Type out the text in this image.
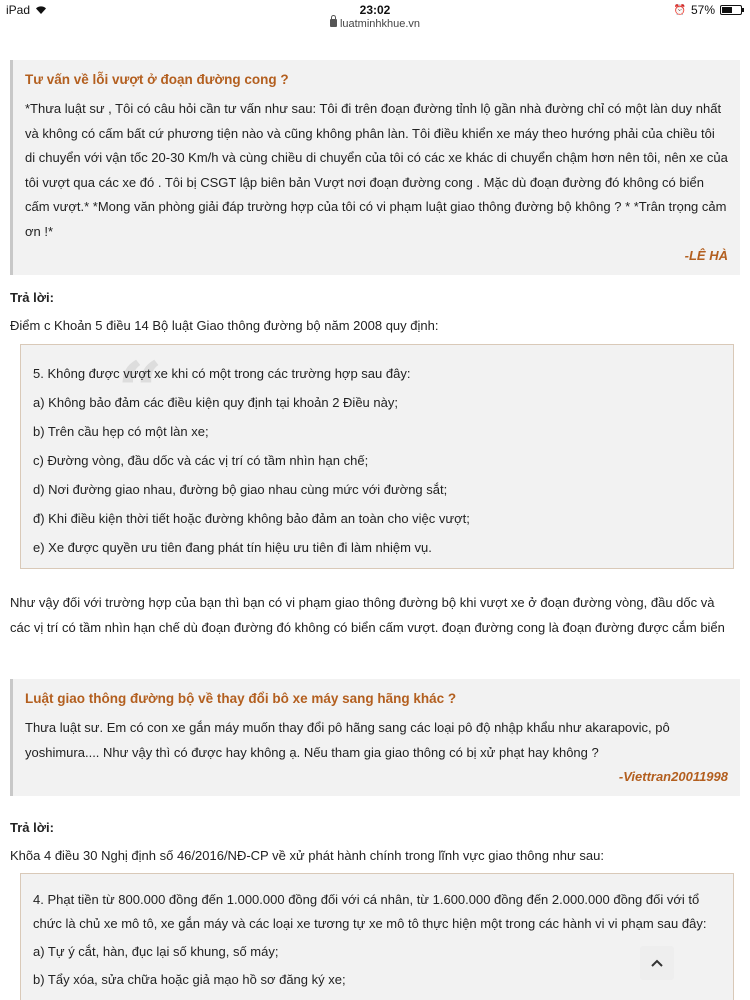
iPad	23:02	⏰ 57%
luatminhkhue.vn
Tư vấn về lỗi vượt ở đoạn đường cong ?
*Thưa luật sư , Tôi có câu hỏi cần tư vấn như sau: Tôi đi trên đoạn đường tỉnh lộ gần nhà đường chỉ có một làn duy nhất và không có cấm bất cứ phương tiện nào và cũng không phân làn. Tôi điều khiển xe máy theo hướng phải của chiều tôi di chuyển với vận tốc 20-30 Km/h và cùng chiều di chuyển của tôi có các xe khác di chuyển chậm hơn nên tôi, nên xe của tôi vượt qua các xe đó . Tôi bị CSGT lập biên bản Vượt nơi đoạn đường cong . Mặc dù đoạn đường đó không có biển cấm vượt.* *Mong văn phòng giải đáp trường hợp của tôi có vi phạm luật giao thông đường bộ không ? * *Trân trọng cảm ơn !*
-LÊ HÀ
Trả lời:
Điểm c Khoản 5 điều 14 Bộ luật Giao thông đường bộ năm 2008 quy định:
“
5. Không được vượt xe khi có một trong các trường hợp sau đây:
a) Không bảo đảm các điều kiện quy định tại khoản 2 Điều này;
b) Trên cầu hẹp có một làn xe;
c) Đường vòng, đầu dốc và các vị trí có tầm nhìn hạn chế;
d) Nơi đường giao nhau, đường bộ giao nhau cùng mức với đường sắt;
đ) Khi điều kiện thời tiết hoặc đường không bảo đảm an toàn cho việc vượt;
e) Xe được quyền ưu tiên đang phát tín hiệu ưu tiên đi làm nhiệm vụ.
Như vậy đối với trường hợp của bạn thì bạn có vi phạm giao thông đường bộ khi vượt xe ở đoạn đường vòng, đầu dốc và các vị trí có tầm nhìn hạn chế dù đoạn đường đó không có biển cấm vượt. đoạn đường cong là đoạn đường được cắm biển
Luật giao thông đường bộ về thay đổi bô xe máy sang hãng khác ?
Thưa luật sư. Em có con xe gắn máy muốn thay đổi pô hãng sang các loại pô độ nhập khẩu như akarapovic, pô yoshimura.... Như vậy thì có được hay không ạ. Nếu tham gia giao thông có bị xử phạt hay không ?
-Viettran20011998
Trả lời:
Khõa 4 điều 30 Nghị định số 46/2016/NĐ-CP về xử phát hành chính trong lĩnh vực giao thông như sau:
4. Phạt tiền từ 800.000 đồng đến 1.000.000 đồng đối với cá nhân, từ 1.600.000 đồng đến 2.000.000 đồng đối với tổ chức là chủ xe mô tô, xe gắn máy và các loại xe tương tự xe mô tô thực hiện một trong các hành vi vi phạm sau đây:
a) Tự ý cắt, hàn, đục lại số khung, số máy;
b) Tẩy xóa, sửa chữa hoặc giả mạo hồ sơ đăng ký xe;
